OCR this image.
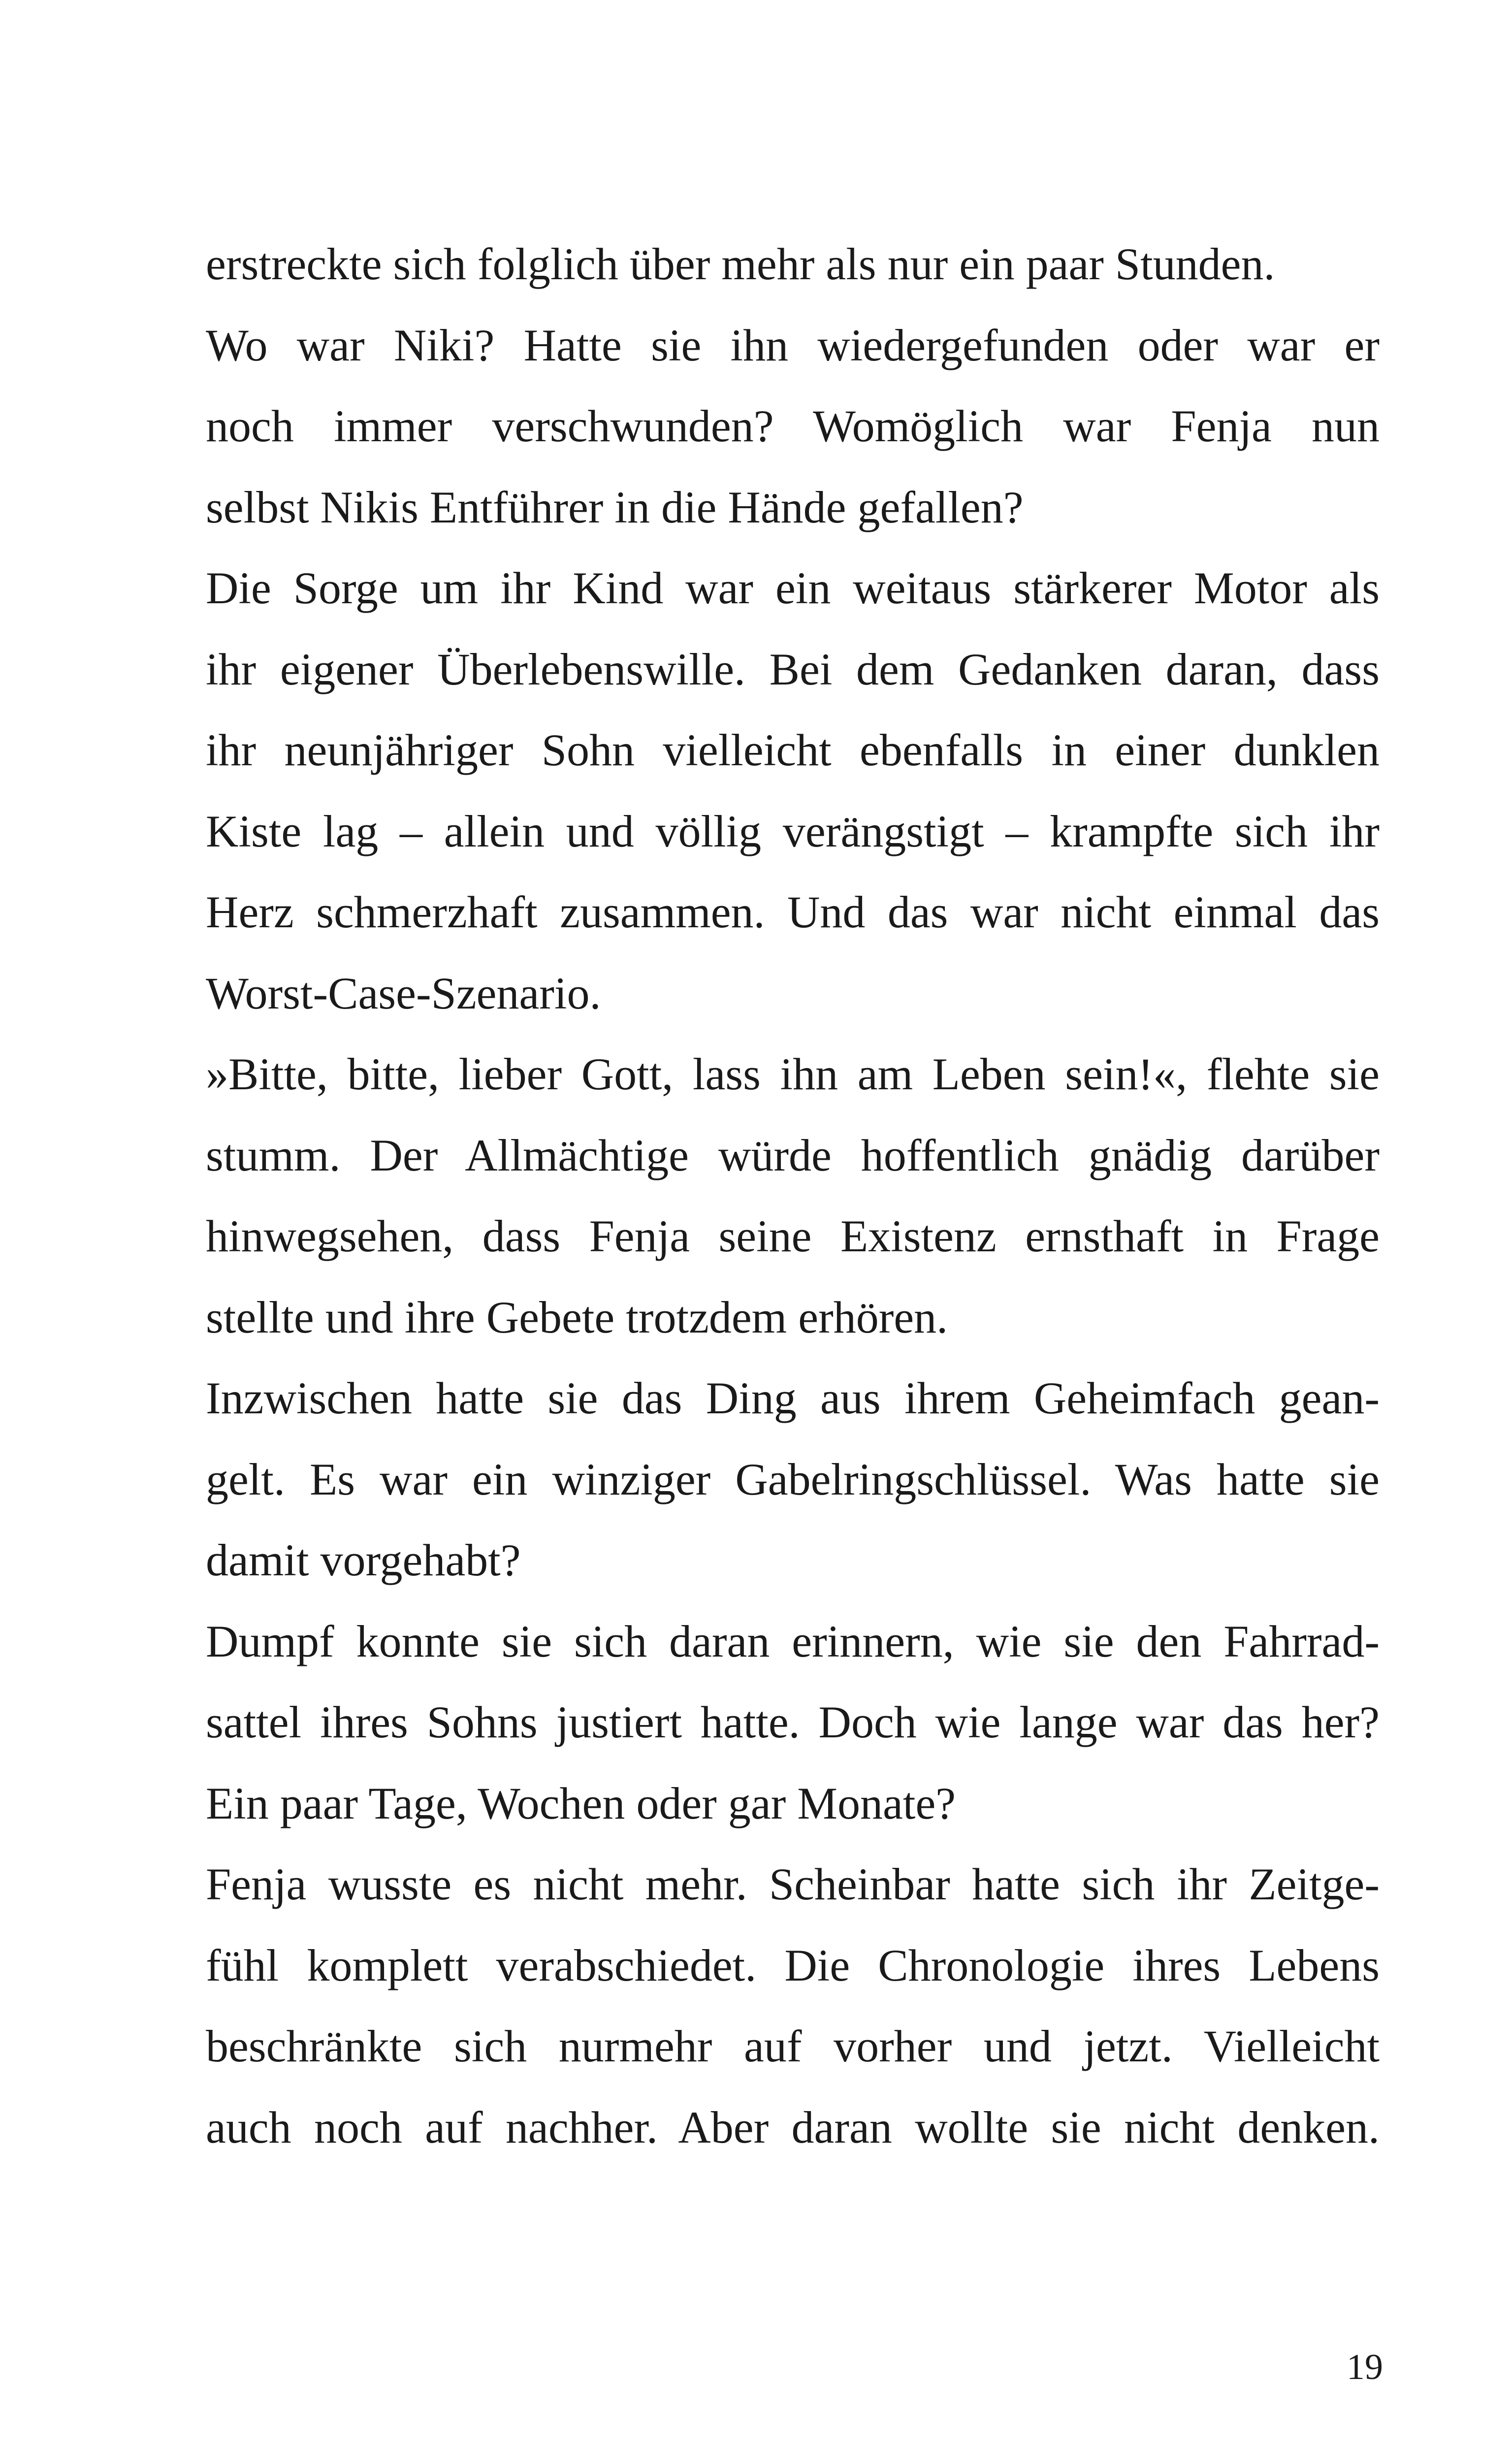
erstreckte sich folglich über mehr als nur ein paar Stunden.
Wo war Niki? Hatte sie ihn wiedergefunden oder war er
noch immer verschwunden? Womöglich war Fenja nun
selbst Nikis Entführer in die Hände gefallen?
Die Sorge um ihr Kind war ein weitaus stärkerer Motor als
ihr eigener Überlebenswille. Bei dem Gedanken daran, dass
ihr neunjähriger Sohn vielleicht ebenfalls in einer dunklen
Kiste lag – allein und völlig verängstigt – krampfte sich ihr
Herz schmerzhaft zusammen. Und das war nicht einmal das
Worst-Case-Szenario.
»Bitte, bitte, lieber Gott, lass ihn am Leben sein!«, flehte sie
stumm. Der Allmächtige würde hoffentlich gnädig darüber
hinwegsehen, dass Fenja seine Existenz ernsthaft in Frage
stellte und ihre Gebete trotzdem erhören.
Inzwischen hatte sie das Ding aus ihrem Geheimfach gean-
gelt. Es war ein winziger Gabelringschlüssel. Was hatte sie
damit vorgehabt?
Dumpf konnte sie sich daran erinnern, wie sie den Fahrrad-
sattel ihres Sohns justiert hatte. Doch wie lange war das her?
Ein paar Tage, Wochen oder gar Monate?
Fenja wusste es nicht mehr. Scheinbar hatte sich ihr Zeitge-
fühl komplett verabschiedet. Die Chronologie ihres Lebens
beschränkte sich nurmehr auf vorher und jetzt. Vielleicht
auch noch auf nachher. Aber daran wollte sie nicht denken.
19
